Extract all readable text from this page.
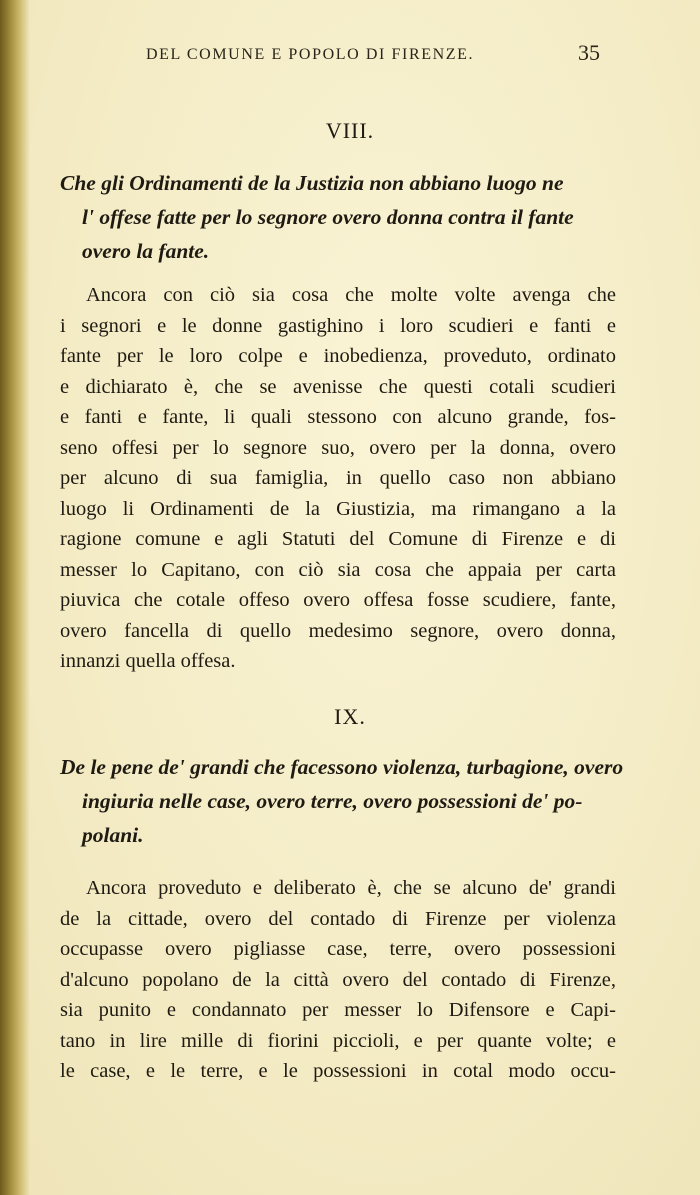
DEL COMUNE E POPOLO DI FIRENZE.	35
VIII.
Che gli Ordinamenti de la Justizia non abbiano luogo ne
l' offese fatte per lo segnore overo donna contra il fante
overo la fante.
Ancora con ciò sia cosa che molte volte avenga che
i segnori e le donne gastighino i loro scudieri e fanti e
fante per le loro colpe e inobedienza, proveduto, ordinato
e dichiarato è, che se avenisse che questi cotali scudieri
e fanti e fante, li quali stessono con alcuno grande, fos-
seno offesi per lo segnore suo, overo per la donna, overo
per alcuno di sua famiglia, in quello caso non abbiano
luogo li Ordinamenti de la Giustizia, ma rimangano a la
ragione comune e agli Statuti del Comune di Firenze e di
messer lo Capitano, con ciò sia cosa che appaia per carta
piuvica che cotale offeso overo offesa fosse scudiere, fante,
overo fancella di quello medesimo segnore, overo donna,
innanzi quella offesa.
IX.
De le pene de' grandi che facessono violenza, turbagione, overo
ingiuria nelle case, overo terre, overo possessioni de' po-
polani.
Ancora proveduto e deliberato è, che se alcuno de' grandi
de la cittade, overo del contado di Firenze per violenza
occupasse overo pigliasse case, terre, overo possessioni
d'alcuno popolano de la città overo del contado di Firenze,
sia punito e condannato per messer lo Difensore e Capi-
tano in lire mille di fiorini piccioli, e per quante volte; e
le case, e le terre, e le possessioni in cotal modo occu-
